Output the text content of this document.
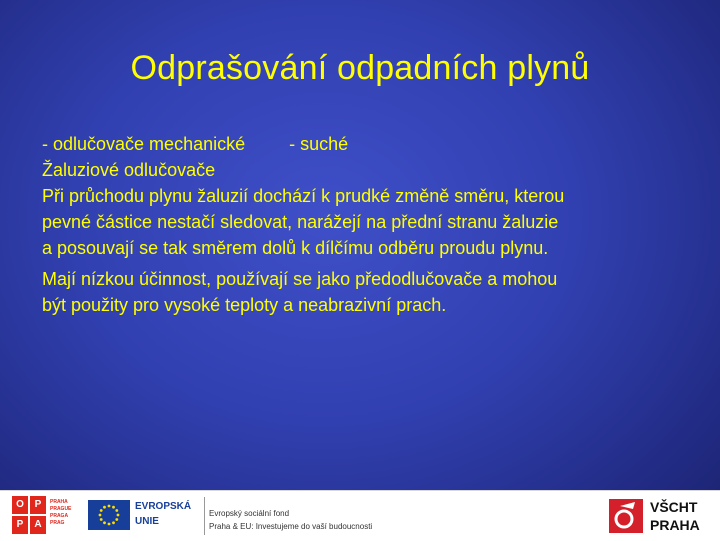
Odprašování odpadních plynů
- odlučovače mechanické - suché
Žaluziové odlučovače
Při průchodu plynu žaluzií dochází k prudké změně směru, kterou
pevné částice nestačí sledovat, narážejí na přední stranu žaluzie
a posouvají se tak směrem dolů k dílčímu odběru proudu plynu.
Mají nízkou účinnost, používají se jako předodlučovače a mohou
být použity pro vysoké teploty a neabrazivní prach.
O	P
P	A
PRAHA
PRAGUE
PRAGA
PRAG
EVROPSKÁ
UNIE
VŠCHT
PRAHA
Evropský sociální fond
Praha & EU: Investujeme do vaší budoucnosti
